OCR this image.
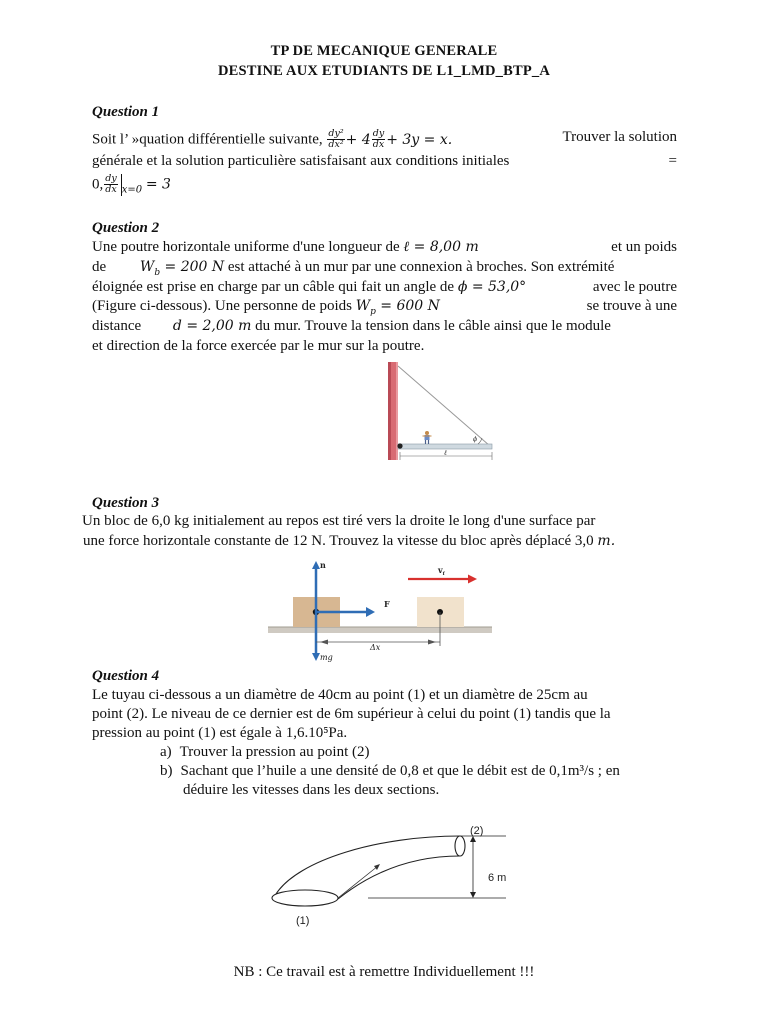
TP DE MECANIQUE GENERALE
DESTINE AUX ETUDIANTS DE L1_LMD_BTP_A
Question 1
Soit l’ »quation différentielle suivante, $\frac{\text{dy²}}{\text{dx²}} + 4 \frac{dy}{dx} + 3y = x$.	Trouver la solution
générale et la solution particulière satisfaisant aux conditions initiales	=
0, $\frac{dy}{dx} _{x=0} = 3$
Question 2
Une poutre horizontale uniforme d'une longueur de ℓ = 8,00 m	et un poids
de $W_b = 200$ N est attaché à un mur par une connexion à broches. Son extrémité
éloignée est prise en charge par un câble qui fait un angle de ϕ = 53,0°	avec le poutre
(Figure ci-dessous). Une personne de poids $W_p = 600$ N	se trouve à une
distance d = 2,00 m du mur. Trouve la tension dans le câble ainsi que le module
et direction de la force exercée par le mur sur la poutre.
ϕ
ℓ
Question 3
Un bloc de 6,0 kg initialement au repos est tiré vers la droite le long d'une surface par
une force horizontale constante de 12 N. Trouvez la vitesse du bloc après déplacé 3,0 m.
n
F
$v_f$
mg
Δx
Question 4
Le tuyau ci-dessous a un diamètre de 40cm au point (1) et un diamètre de 25cm au
point (2). Le niveau de ce dernier est de 6m supérieur à celui du point (1) tandis que la
pression au point (1) est égale à 1,6.10⁵Pa.
a) Trouver la pression au point (2)
b) Sachant que l’huile a une densité de 0,8 et que le débit est de 0,1m³/s ; en
déduire les vitesses dans les deux sections.
(2)
6 m
(1)
NB : Ce travail est à remettre Individuellement !!!
